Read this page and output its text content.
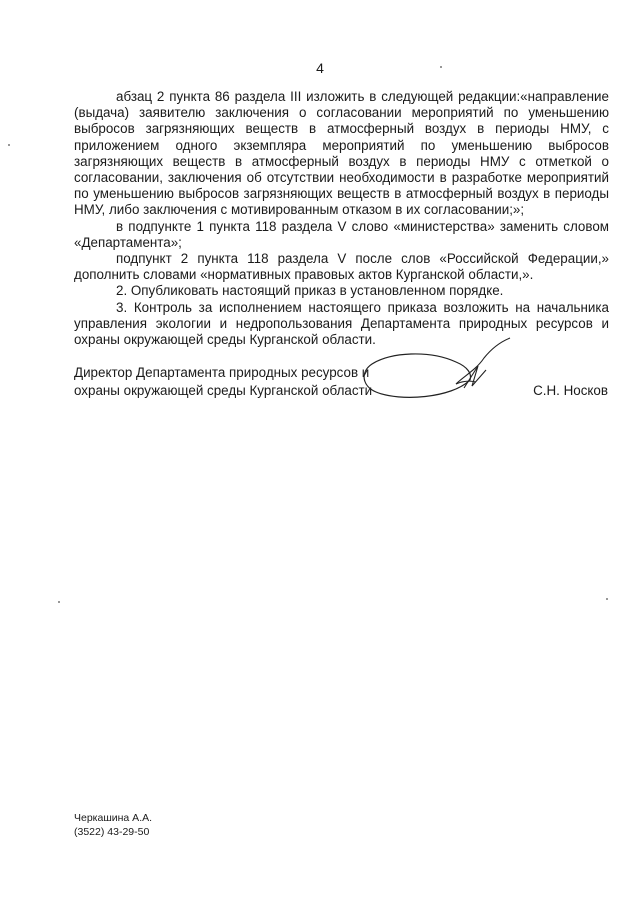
4

абзац 2 пункта 86 раздела III изложить в следующей редакции:«направление (выдача) заявителю заключения о согласовании мероприятий по уменьшению выбросов загрязняющих веществ в атмосферный воздух в периоды НМУ, с приложением одного экземпляра мероприятий по уменьшению выбросов загрязняющих веществ в атмосферный воздух в периоды НМУ с отметкой о согласовании, заключения об отсутствии необходимости в разработке мероприятий по уменьшению выбросов загрязняющих веществ в атмосферный воздух в периоды НМУ, либо заключения с мотивированным отказом в их согласовании;»;

в подпункте 1 пункта 118 раздела V слово «министерства» заменить словом «Департамента»;

подпункт 2 пункта 118 раздела V после слов «Российской Федерации,» дополнить словами «нормативных правовых актов Курганской области,».

2. Опубликовать настоящий приказ в установленном порядке.

3. Контроль за исполнением настоящего приказа возложить на начальника управления экологии и недропользования Департамента природных ресурсов и охраны окружающей среды Курганской области.

Директор Департамента природных ресурсов и
охраны окружающей среды Курганской области	С.Н. Носков
Черкашина А.А.
(3522) 43-29-50
